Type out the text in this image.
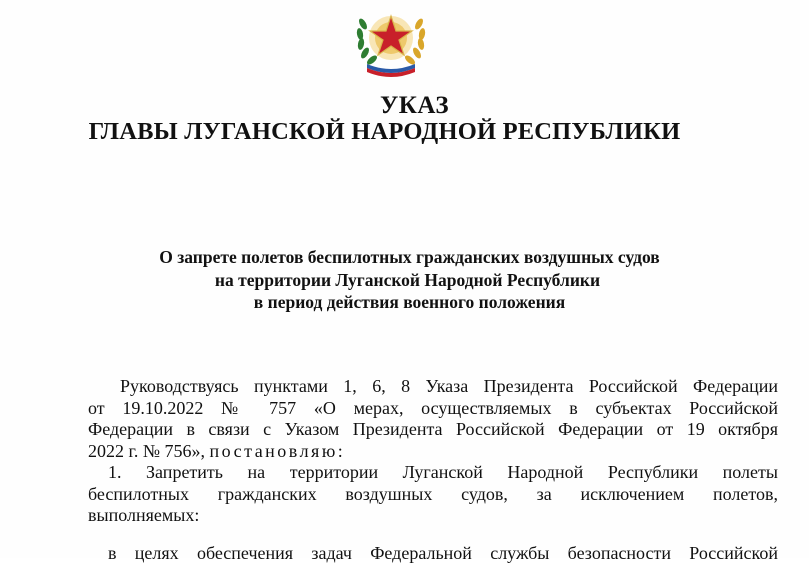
УКАЗ
ГЛАВЫ ЛУГАНСКОЙ НАРОДНОЙ РЕСПУБЛИКИ
О запрете полетов беспилотных гражданских воздушных судов
на территории Луганской Народной Республики
в период действия военного положения
Руководствуясь пунктами 1, 6, 8 Указа Президента Российской Федерации
от 19.10.2022 № 757 «О мерах, осуществляемых в субъектах Российской
Федерации в связи с Указом Президента Российской Федерации от 19 октября
2022 г. № 756», постановляю:
1. Запретить на территории Луганской Народной Республики полеты
беспилотных гражданских воздушных судов, за исключением полетов,
выполняемых:
в целях обеспечения задач Федеральной службы безопасности Российской
